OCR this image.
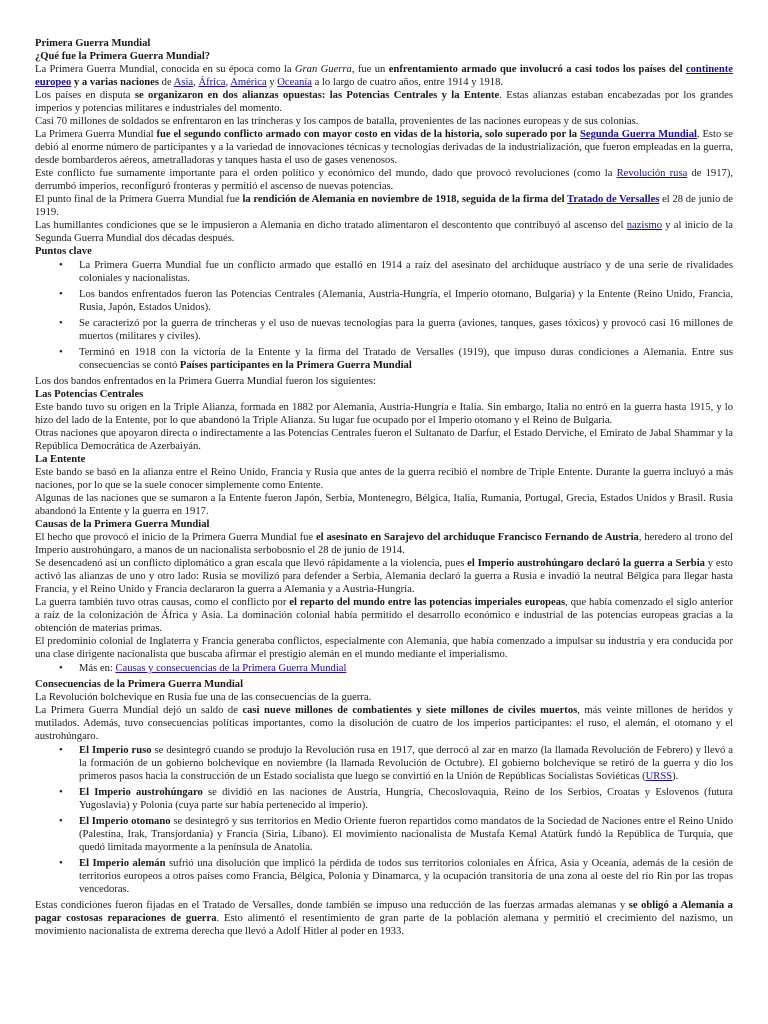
Primera Guerra Mundial
¿Qué fue la Primera Guerra Mundial?

La Primera Guerra Mundial, conocida en su época como la Gran Guerra, fue un enfrentamiento armado que involucró a casi todos los países del continente europeo y a varias naciones de Asia, África, América y Oceanía a lo largo de cuatro años, entre 1914 y 1918.

Los países en disputa se organizaron en dos alianzas opuestas: las Potencias Centrales y la Entente. Estas alianzas estaban encabezadas por los grandes imperios y potencias militares e industriales del momento.

Casi 70 millones de soldados se enfrentaron en las trincheras y los campos de batalla, provenientes de las naciones europeas y de sus colonias.

La Primera Guerra Mundial fue el segundo conflicto armado con mayor costo en vidas de la historia, solo superado por la Segunda Guerra Mundial. Esto se debió al enorme número de participantes y a la variedad de innovaciones técnicas y tecnologías derivadas de la industrialización, que fueron empleadas en la guerra, desde bombarderos aéreos, ametralladoras y tanques hasta el uso de gases venenosos.

Este conflicto fue sumamente importante para el orden político y económico del mundo, dado que provocó revoluciones (como la Revolución rusa de 1917), derrumbó imperios, reconfiguró fronteras y permitió el ascenso de nuevas potencias.

El punto final de la Primera Guerra Mundial fue la rendición de Alemania en noviembre de 1918, seguida de la firma del Tratado de Versalles el 28 de junio de 1919.

Las humillantes condiciones que se le impusieron a Alemania en dicho tratado alimentaron el descontento que contribuyó al ascenso del nazismo y al inicio de la Segunda Guerra Mundial dos décadas después.

Puntos clave
• La Primera Guerra Mundial fue un conflicto armado que estalló en 1914 a raíz del asesinato del archiduque austríaco y de una serie de rivalidades coloniales y nacionalistas.
• Los bandos enfrentados fueron las Potencias Centrales (Alemania, Austria-Hungría, el Imperio otomano, Bulgaria) y la Entente (Reino Unido, Francia, Rusia, Japón, Estados Unidos).
• Se caracterizó por la guerra de trincheras y el uso de nuevas tecnologías para la guerra (aviones, tanques, gases tóxicos) y provocó casi 16 millones de muertos (militares y civiles).
• Terminó en 1918 con la victoria de la Entente y la firma del Tratado de Versalles (1919), que impuso duras condiciones a Alemania. Entre sus consecuencias se contó Países participantes en la Primera Guerra Mundial

Los dos bandos enfrentados en la Primera Guerra Mundial fueron los siguientes:

Las Potencias Centrales

Este bando tuvo su origen en la Triple Alianza, formada en 1882 por Alemania, Austria-Hungría e Italia. Sin embargo, Italia no entró en la guerra hasta 1915, y lo hizo del lado de la Entente, por lo que abandonó la Triple Alianza. Su lugar fue ocupado por el Imperio otomano y el Reino de Bulgaria.

Otras naciones que apoyaron directa o indirectamente a las Potencias Centrales fueron el Sultanato de Darfur, el Estado Derviche, el Emirato de Jabal Shammar y la República Democrática de Azerbaiyán.

La Entente

Este bando se basó en la alianza entre el Reino Unido, Francia y Rusia que antes de la guerra recibió el nombre de Triple Entente. Durante la guerra incluyó a más naciones, por lo que se la suele conocer simplemente como Entente.

Algunas de las naciones que se sumaron a la Entente fueron Japón, Serbia, Montenegro, Bélgica, Italia, Rumania, Portugal, Grecia, Estados Unidos y Brasil. Rusia abandonó la Entente y la guerra en 1917.

Causas de la Primera Guerra Mundial

El hecho que provocó el inicio de la Primera Guerra Mundial fue el asesinato en Sarajevo del archiduque Francisco Fernando de Austria, heredero al trono del Imperio austrohúngaro, a manos de un nacionalista serbobosnio el 28 de junio de 1914.

Se desencadenó así un conflicto diplomático a gran escala que llevó rápidamente a la violencia, pues el Imperio austrohúngaro declaró la guerra a Serbia y esto activó las alianzas de uno y otro lado: Rusia se movilizó para defender a Serbia, Alemania declaró la guerra a Rusia e invadió la neutral Bélgica para llegar hasta Francia, y el Reino Unido y Francia declararon la guerra a Alemania y a Austria-Hungría.

La guerra también tuvo otras causas, como el conflicto por el reparto del mundo entre las potencias imperiales europeas, que había comenzado el siglo anterior a raíz de la colonización de África y Asia. La dominación colonial había permitido el desarrollo económico e industrial de las potencias europeas gracias a la obtención de materias primas.

El predominio colonial de Inglaterra y Francia generaba conflictos, especialmente con Alemania, que había comenzado a impulsar su industria y era conducida por una clase dirigente nacionalista que buscaba afirmar el prestigio alemán en el mundo mediante el imperialismo.

• Más en: Causas y consecuencias de la Primera Guerra Mundial
Consecuencias de la Primera Guerra Mundial

La Revolución bolchevique en Rusia fue una de las consecuencias de la guerra.

La Primera Guerra Mundial dejó un saldo de casi nueve millones de combatientes y siete millones de civiles muertos, más veinte millones de heridos y mutilados. Además, tuvo consecuencias políticas importantes, como la disolución de cuatro de los imperios participantes: el ruso, el alemán, el otomano y el austrohúngaro.

• El Imperio ruso se desintegró cuando se produjo la Revolución rusa en 1917, que derrocó al zar en marzo (la llamada Revolución de Febrero) y llevó a la formación de un gobierno bolchevique en noviembre (la llamada Revolución de Octubre). El gobierno bolchevique se retiró de la guerra y dio los primeros pasos hacia la construcción de un Estado socialista que luego se convirtió en la Unión de Repúblicas Socialistas Soviéticas (URSS).
• El Imperio austrohúngaro se dividió en las naciones de Austria, Hungría, Checoslovaquia, Reino de los Serbios, Croatas y Eslovenos (futura Yugoslavia) y Polonia (cuya parte sur había pertenecido al imperio).
• El Imperio otomano se desintegró y sus territorios en Medio Oriente fueron repartidos como mandatos de la Sociedad de Naciones entre el Reino Unido (Palestina, Irak, Transjordania) y Francia (Siria, Líbano). El movimiento nacionalista de Mustafa Kemal Atatürk fundó la República de Turquía, que quedó limitada mayormente a la península de Anatolia.
• El Imperio alemán sufrió una disolución que implicó la pérdida de todos sus territorios coloniales en África, Asia y Oceanía, además de la cesión de territorios europeos a otros países como Francia, Bélgica, Polonia y Dinamarca, y la ocupación transitoria de una zona al oeste del río Rin por las tropas vencedoras.

Estas condiciones fueron fijadas en el Tratado de Versalles, donde también se impuso una reducción de las fuerzas armadas alemanas y se obligó a Alemania a pagar costosas reparaciones de guerra. Esto alimentó el resentimiento de gran parte de la población alemana y permitió el crecimiento del nazismo, un movimiento nacionalista de extrema derecha que llevó a Adolf Hitler al poder en 1933.
